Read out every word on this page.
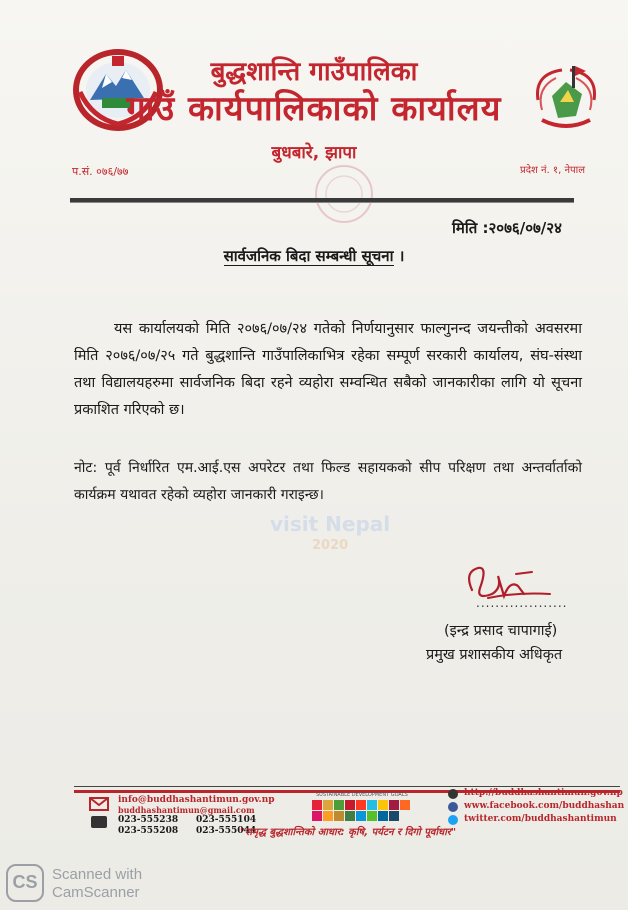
बुद्धशान्ति गाउँपालिका
गाउँ कार्यपालिकाको कार्यालय
बुधबारे, झापा
प.सं. ०७६/७७	प्रदेश नं. १, नेपाल
मिति :२०७६/०७/२४
सार्वजनिक बिदा सम्बन्धी सूचना ।
यस कार्यालयको मिति २०७६/०७/२४ गतेको निर्णयानुसार फाल्गुनन्द जयन्तीको अवसरमा मिति २०७६/०७/२५ गते बुद्धशान्ति गाउँपालिकाभित्र रहेका सम्पूर्ण सरकारी कार्यालय, संघ-संस्था तथा विद्यालयहरुमा सार्वजनिक बिदा रहने व्यहोरा सम्वन्धित सबैको जानकारीका लागि यो सूचना प्रकाशित गरिएको छ।
नोट: पूर्व निर्धारित एम.आई.एस अपरेटर तथा फिल्ड सहायकको सीप परिक्षण तथा अन्तर्वार्ताको कार्यक्रम यथावत रहेको व्यहोरा जानकारी गराइन्छ।
visit Nepal
2020
...................
(इन्द्र प्रसाद चापागाई)
प्रमुख प्रशासकीय अधिकृत
info@buddhashantimun.gov.np
buddhashantimun@gmail.com
023-555238
023-555208
023-555104
023-555044
SUSTAINABLE DEVELOPMENT GOALS	http://buddhashantimun.gov.np
www.facebook.com/buddhashan
twitter.com/buddhashantimun
"समृद्ध बुद्धशान्तिको आधार: कृषि, पर्यटन र दिगो पूर्वाधार"
CS Scanned with
CamScanner
